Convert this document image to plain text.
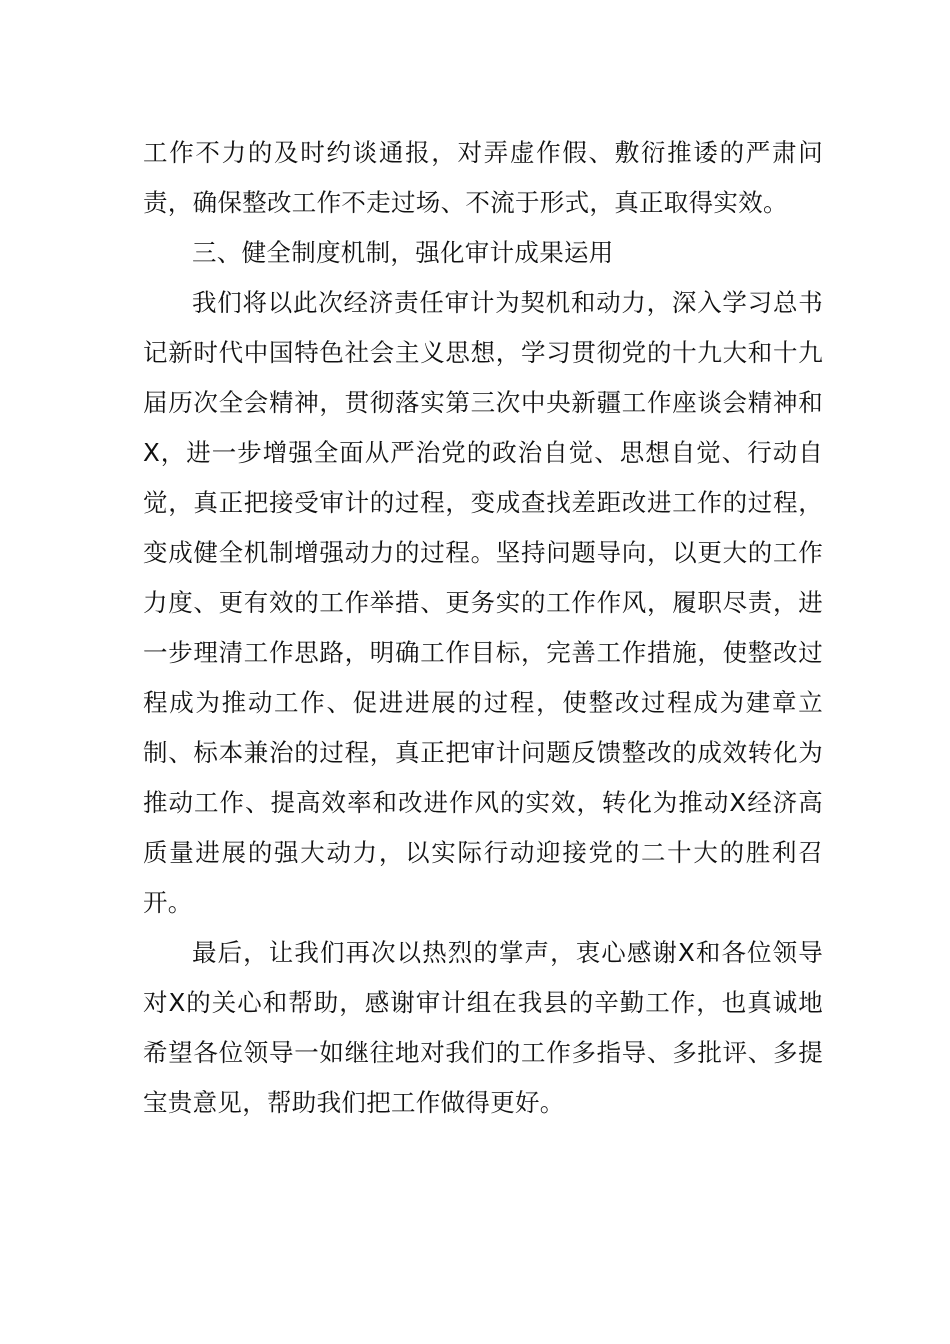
工作不力的及时约谈通报，对弄虚作假、敷衍推诿的严肃问责，确保整改工作不走过场、不流于形式，真正取得实效。

三、健全制度机制，强化审计成果运用

我们将以此次经济责任审计为契机和动力，深入学习总书记新时代中国特色社会主义思想，学习贯彻党的十九大和十九届历次全会精神，贯彻落实第三次中央新疆工作座谈会精神和X，进一步增强全面从严治党的政治自觉、思想自觉、行动自觉，真正把接受审计的过程，变成查找差距改进工作的过程，变成健全机制增强动力的过程。坚持问题导向，以更大的工作力度、更有效的工作举措、更务实的工作作风，履职尽责，进一步理清工作思路，明确工作目标，完善工作措施，使整改过程成为推动工作、促进进展的过程，使整改过程成为建章立制、标本兼治的过程，真正把审计问题反馈整改的成效转化为推动工作、提高效率和改进作风的实效，转化为推动X经济高质量进展的强大动力，以实际行动迎接党的二十大的胜利召开。

最后，让我们再次以热烈的掌声，衷心感谢X和各位领导对X的关心和帮助，感谢审计组在我县的辛勤工作，也真诚地希望各位领导一如继往地对我们的工作多指导、多批评、多提宝贵意见，帮助我们把工作做得更好。
